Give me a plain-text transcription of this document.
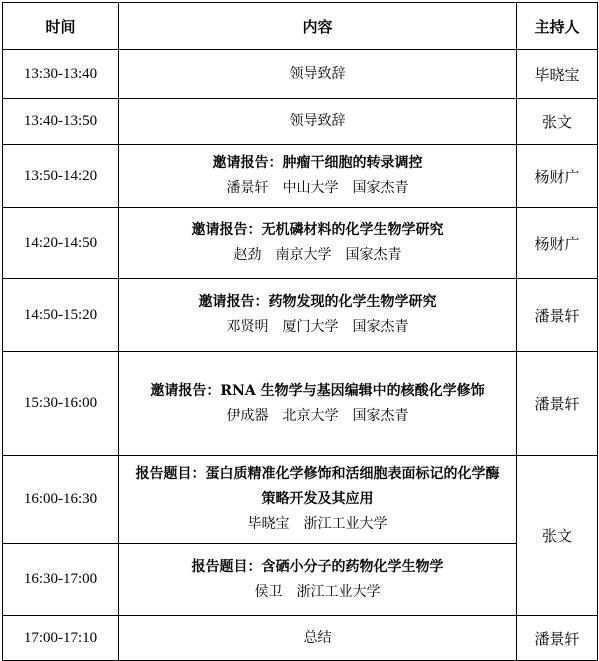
时间	内容	主持人
13:30-13:40	领导致辞	毕晓宝
13:40-13:50	领导致辞	张文
13:50-14:20	邀请报告：肿瘤干细胞的转录调控
潘景轩　中山大学　国家杰青	杨财广
14:20-14:50	邀请报告：无机磷材料的化学生物学研究
赵劲　南京大学　国家杰青	杨财广
14:50-15:20	邀请报告：药物发现的化学生物学研究
邓贤明　厦门大学　国家杰青	潘景轩
15:30-16:00	邀请报告：RNA 生物学与基因编辑中的核酸化学修饰
伊成器　北京大学　国家杰青	潘景轩
16:00-16:30	报告题目：蛋白质精准化学修饰和活细胞表面标记的化学酶策略开发及其应用
毕晓宝　浙江工业大学	张文
16:30-17:00	报告题目：含硒小分子的药物化学生物学
侯卫　浙江工业大学	

17:00-17:10	总结	潘景轩
